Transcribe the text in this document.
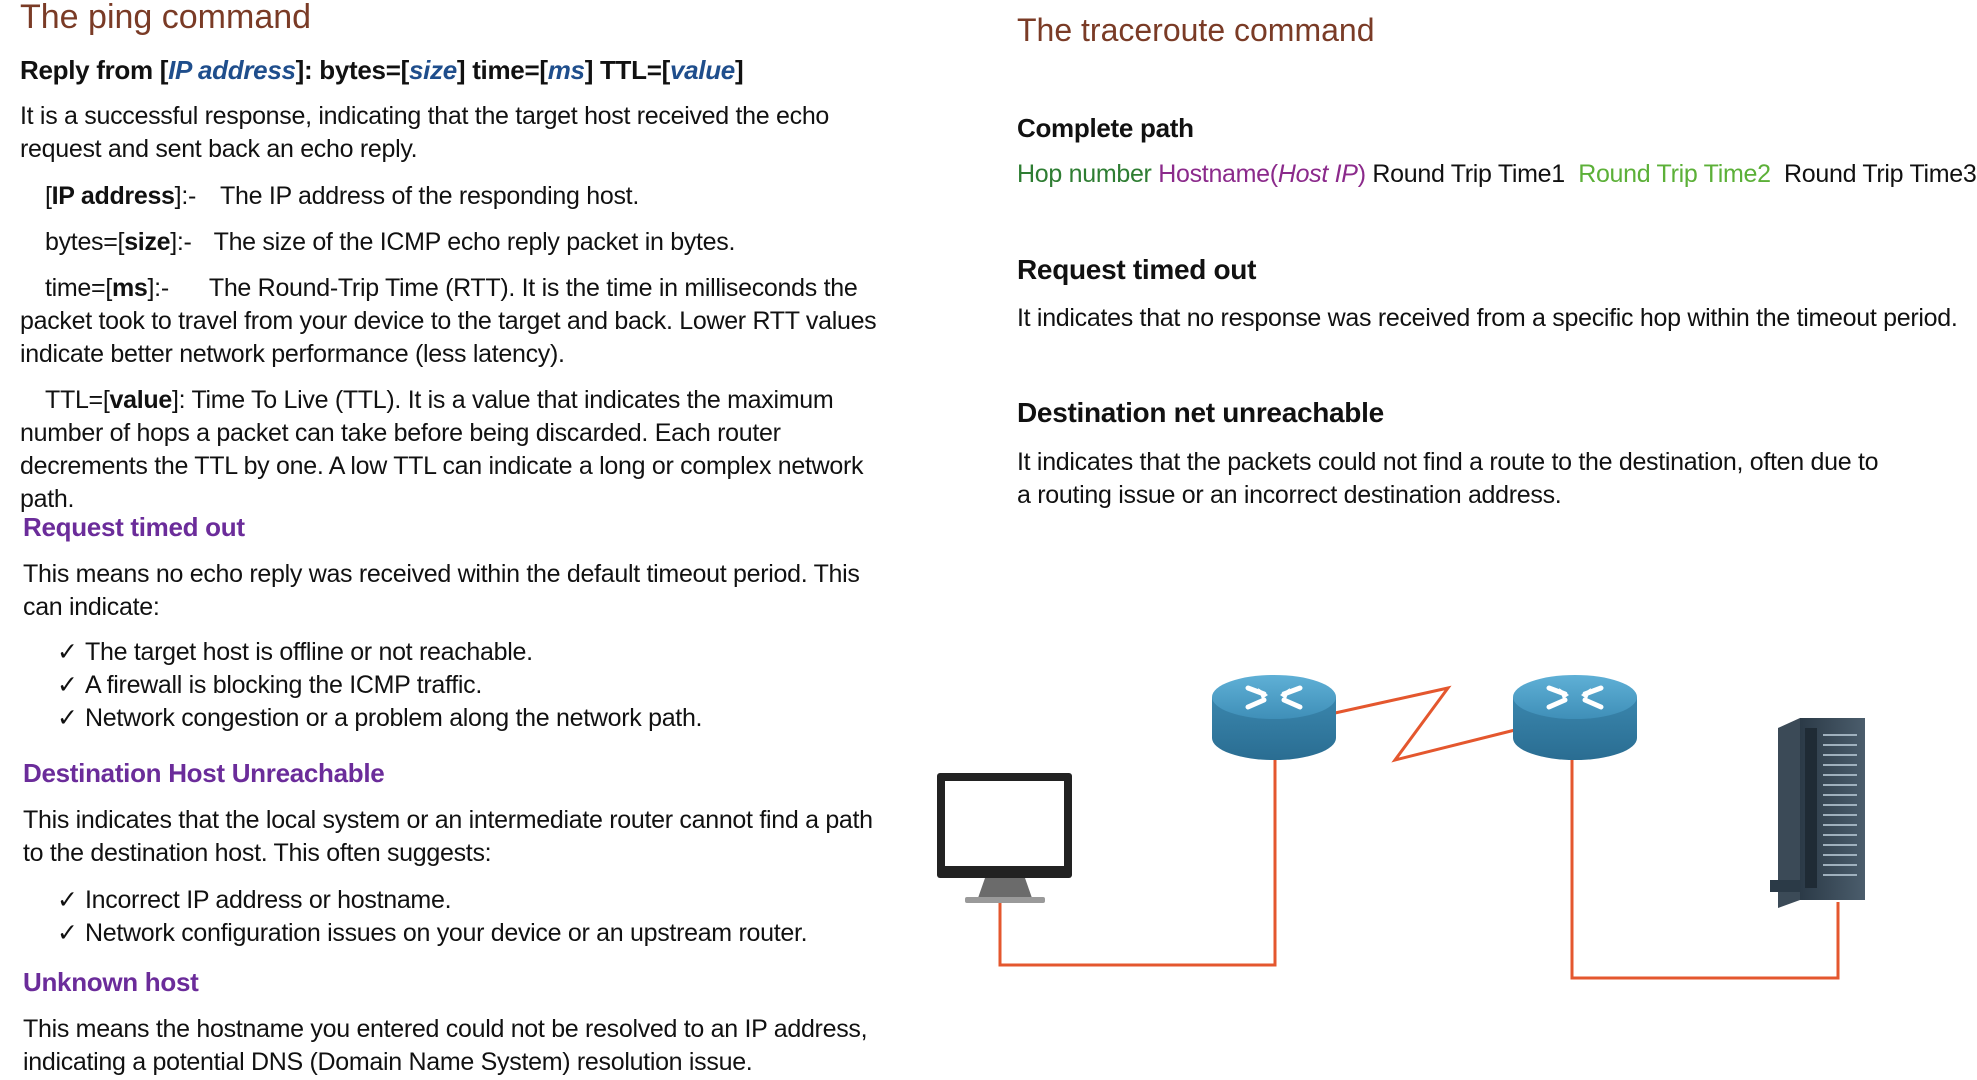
The ping command
Reply from [IP address]: bytes=[size] time=[ms] TTL=[value]
It is a successful response, indicating that the target host received the echo request and sent back an echo reply.
[IP address]:- The IP address of the responding host.
bytes=[size]:- The size of the ICMP echo reply packet in bytes.
time=[ms]:- The Round-Trip Time (RTT). It is the time in milliseconds the packet took to travel from your device to the target and back. Lower RTT values indicate better network performance (less latency).
TTL=[value]: Time To Live (TTL). It is a value that indicates the maximum number of hops a packet can take before being discarded. Each router decrements the TTL by one. A low TTL can indicate a long or complex network path.
Request timed out
This means no echo reply was received within the default timeout period. This can indicate:
✓ The target host is offline or not reachable.
✓ A firewall is blocking the ICMP traffic.
✓ Network congestion or a problem along the network path.
Destination Host Unreachable
This indicates that the local system or an intermediate router cannot find a path to the destination host. This often suggests:
✓ Incorrect IP address or hostname.
✓ Network configuration issues on your device or an upstream router.
Unknown host
This means the hostname you entered could not be resolved to an IP address, indicating a potential DNS (Domain Name System) resolution issue.
The traceroute command
Complete path
Hop number Hostname(Host IP) Round Trip Time1 Round Trip Time2 Round Trip Time3
Request timed out
It indicates that no response was received from a specific hop within the timeout period.
Destination net unreachable
It indicates that the packets could not find a route to the destination, often due to a routing issue or an incorrect destination address.
